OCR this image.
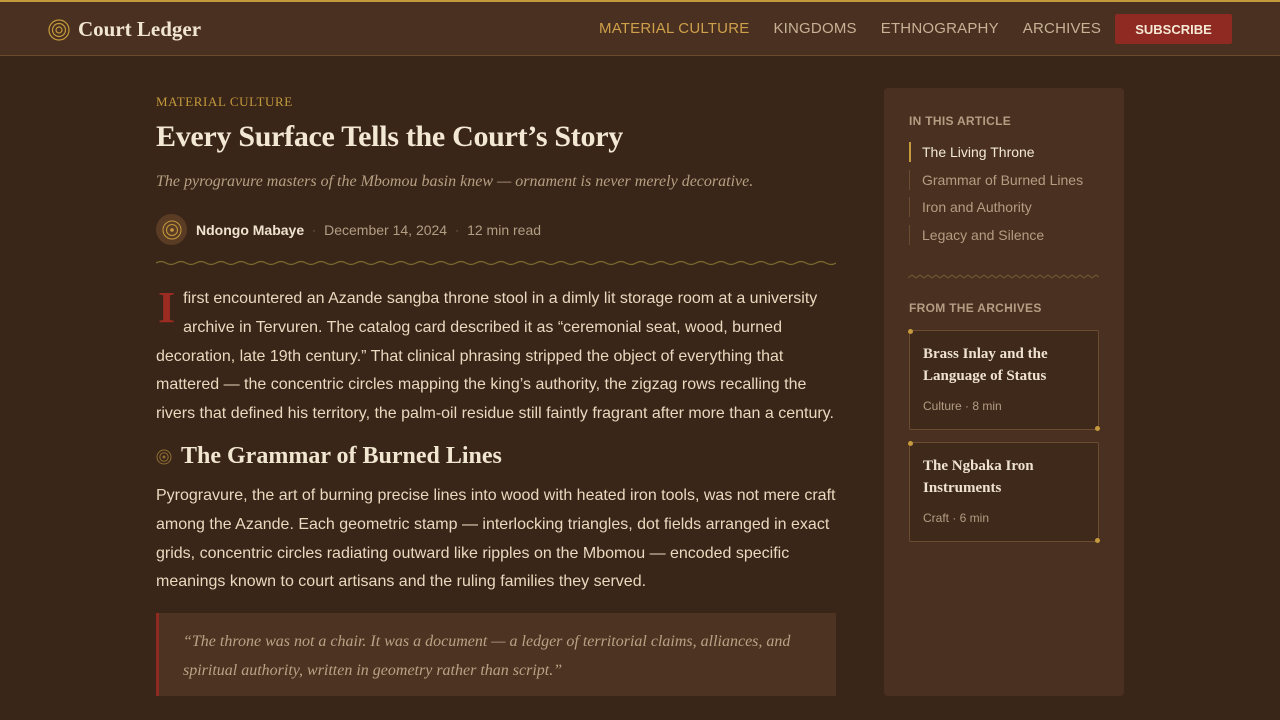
Court Ledger	MATERIAL CULTURE KINGDOMS ETHNOGRAPHY ARCHIVES	SUBSCRIBE
MATERIAL CULTURE
Every Surface Tells the Court’s Story
The pyrogravure masters of the Mbomou basin knew — ornament is never merely decorative.
Ndongo Mabaye · December 14, 2024 · 12 min read
I first encountered an Azande sangba throne stool in a dimly lit storage room at a university archive in Tervuren. The catalog card described it as “ceremonial seat, wood, burned decoration, late 19th century.” That clinical phrasing stripped the object of everything that mattered — the concentric circles mapping the king’s authority, the zigzag rows recalling the rivers that defined his territory, the palm-oil residue still faintly fragrant after more than a century.
The Grammar of Burned Lines
Pyrogravure, the art of burning precise lines into wood with heated iron tools, was not mere craft among the Azande. Each geometric stamp — interlocking triangles, dot fields arranged in exact grids, concentric circles radiating outward like ripples on the Mbomou — encoded specific meanings known to court artisans and the ruling families they served.
“The throne was not a chair. It was a document — a ledger of territorial claims, alliances, and spiritual authority, written in geometry rather than script.”
IN THIS ARTICLE
The Living Throne
Grammar of Burned Lines
Iron and Authority
Legacy and Silence
FROM THE ARCHIVES
Brass Inlay and the Language of Status
Culture · 8 min
The Ngbaka Iron Instruments
Craft · 6 min
